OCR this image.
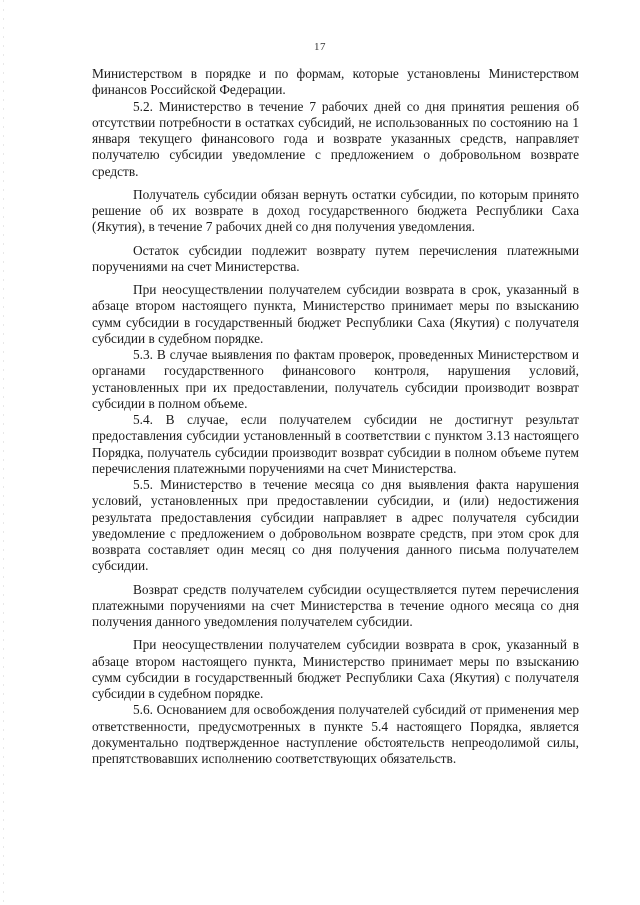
17

Министерством в порядке и по формам, которые установлены Министерством финансов Российской Федерации.

5.2. Министерство в течение 7 рабочих дней со дня принятия решения об отсутствии потребности в остатках субсидий, не использованных по состоянию на 1 января текущего финансового года и возврате указанных средств, направляет получателю субсидии уведомление с предложением о добровольном возврате средств.

Получатель субсидии обязан вернуть остатки субсидии, по которым принято решение об их возврате в доход государственного бюджета Республики Саха (Якутия), в течение 7 рабочих дней со дня получения уведомления.

Остаток субсидии подлежит возврату путем перечисления платежными поручениями на счет Министерства.

При неосуществлении получателем субсидии возврата в срок, указанный в абзаце втором настоящего пункта, Министерство принимает меры по взысканию сумм субсидии в государственный бюджет Республики Саха (Якутия) с получателя субсидии в судебном порядке.

5.3. В случае выявления по фактам проверок, проведенных Министерством и органами государственного финансового контроля, нарушения условий, установленных при их предоставлении, получатель субсидии производит возврат субсидии в полном объеме.

5.4. В случае, если получателем субсидии не достигнут результат предоставления субсидии установленный в соответствии с пунктом 3.13 настоящего Порядка, получатель субсидии производит возврат субсидии в полном объеме путем перечисления платежными поручениями на счет Министерства.

5.5. Министерство в течение месяца со дня выявления факта нарушения условий, установленных при предоставлении субсидии, и (или) недостижения результата предоставления субсидии направляет в адрес получателя субсидии уведомление с предложением о добровольном возврате средств, при этом срок для возврата составляет один месяц со дня получения данного письма получателем субсидии.

Возврат средств получателем субсидии осуществляется путем перечисления платежными поручениями на счет Министерства в течение одного месяца со дня получения данного уведомления получателем субсидии.

При неосуществлении получателем субсидии возврата в срок, указанный в абзаце втором настоящего пункта, Министерство принимает меры по взысканию сумм субсидии в государственный бюджет Республики Саха (Якутия) с получателя субсидии в судебном порядке.

5.6. Основанием для освобождения получателей субсидий от применения мер ответственности, предусмотренных в пункте 5.4 настоящего Порядка, является документально подтвержденное наступление обстоятельств непреодолимой силы, препятствовавших исполнению соответствующих обязательств.
